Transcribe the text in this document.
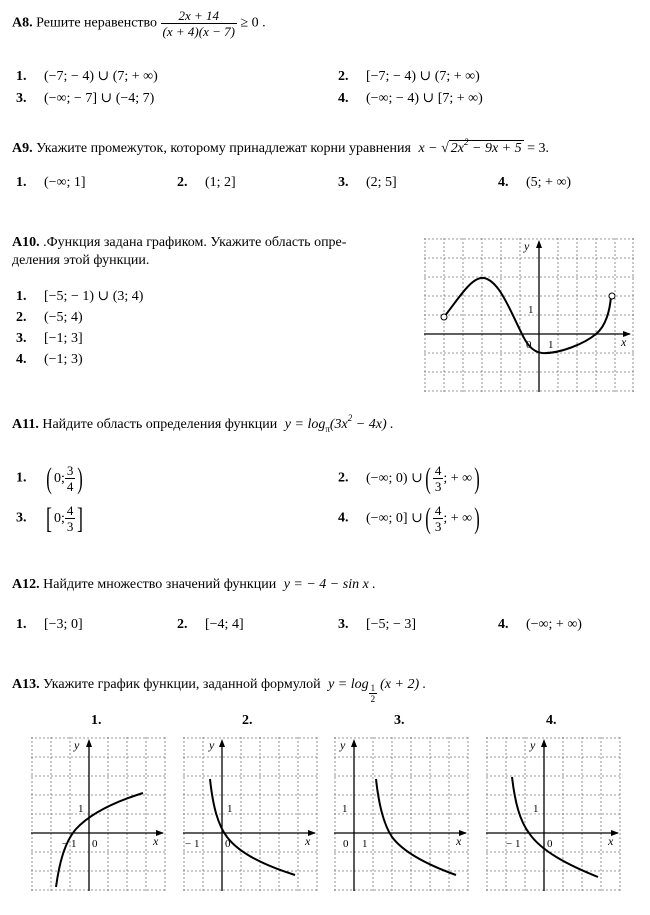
А8. Решите неравенство $\frac{2x + 14}{(x + 4)(x - 7)} \ge 0$ .
1. (−7; − 4) ∪ (7; + ∞)	2. [−7; − 4) ∪ (7; + ∞)
3. (−∞; − 7] ∪ (−4; 7)	4. (−∞; − 4) ∪ [7; + ∞)
А9. Укажите промежуток, которому принадлежат корни уравнения x − √ $2x^2 - 9x + 5 = 3$.
1. (−∞; 1]	2. (1; 2]	3. (2; 5]	4. (5; + ∞)
А10. .Функция задана графиком. Укажите область опре-
деления этой функции.
1. [−5; − 1) ∪ (3; 4)
2. (−5; 4)
3. [−1; 3]
4. (−1; 3)
y
x
1
0 1
А11. Найдите область определения функции $y = \log_\pi(3x^2 - 4x)$ .
1. ( 0; $\frac{3}{4}$ )	2. (−∞; 0) ∪( $\frac{4}{3}$ ; + ∞)
3. [ 0; $\frac{4}{3}$ ]	4. (−∞; 0] ∪( $\frac{4}{3}$ ; + ∞)
А12. Найдите множество значений функции y = − 4 − sin x .
1. [−3; 0]	2. [−4; 4]	3. [−5; − 3]	4. (−∞; + ∞)
А13. Укажите график функции, заданной формулой $y = \log \frac{1}{2} (x + 2)$ .
1.	2.	3.	4.
y
x
1
− 1 0
y
x
1
− 1 0
y
x
1
0 1
y
x
1
− 1 0
